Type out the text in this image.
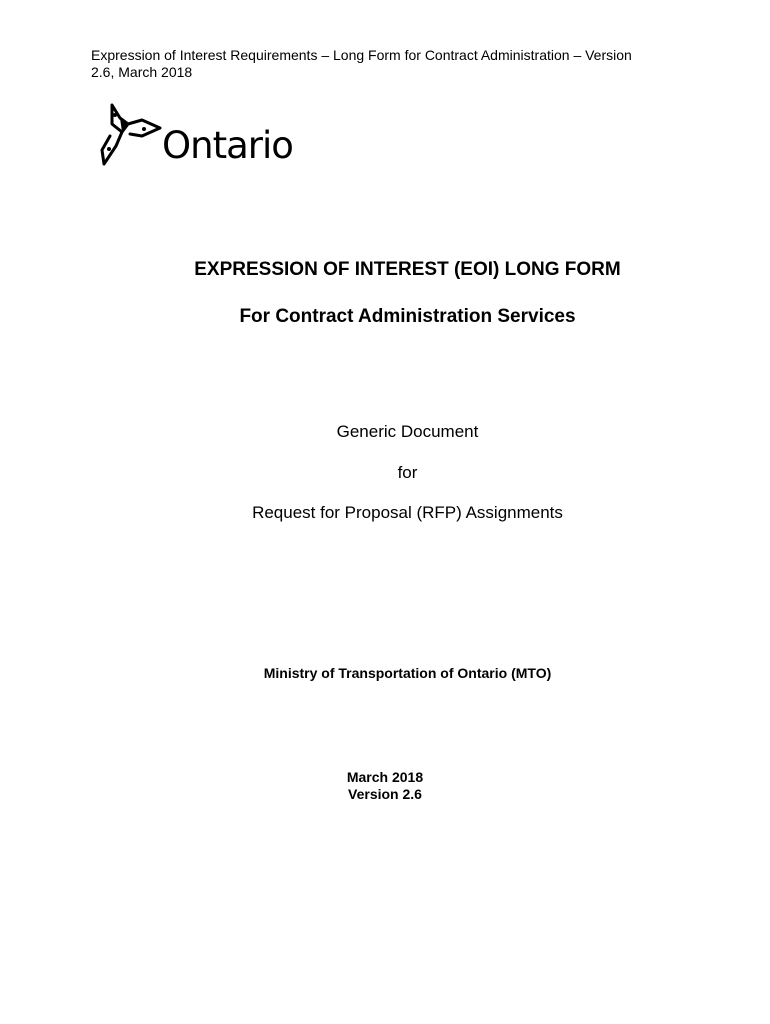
Expression of Interest Requirements – Long Form for Contract Administration – Version 2.6, March 2018

Ontario
EXPRESSION OF INTEREST (EOI) LONG FORM
For Contract Administration Services

Generic Document

for

Request for Proposal (RFP) Assignments

Ministry of Transportation of Ontario (MTO)

March 2018
Version 2.6
